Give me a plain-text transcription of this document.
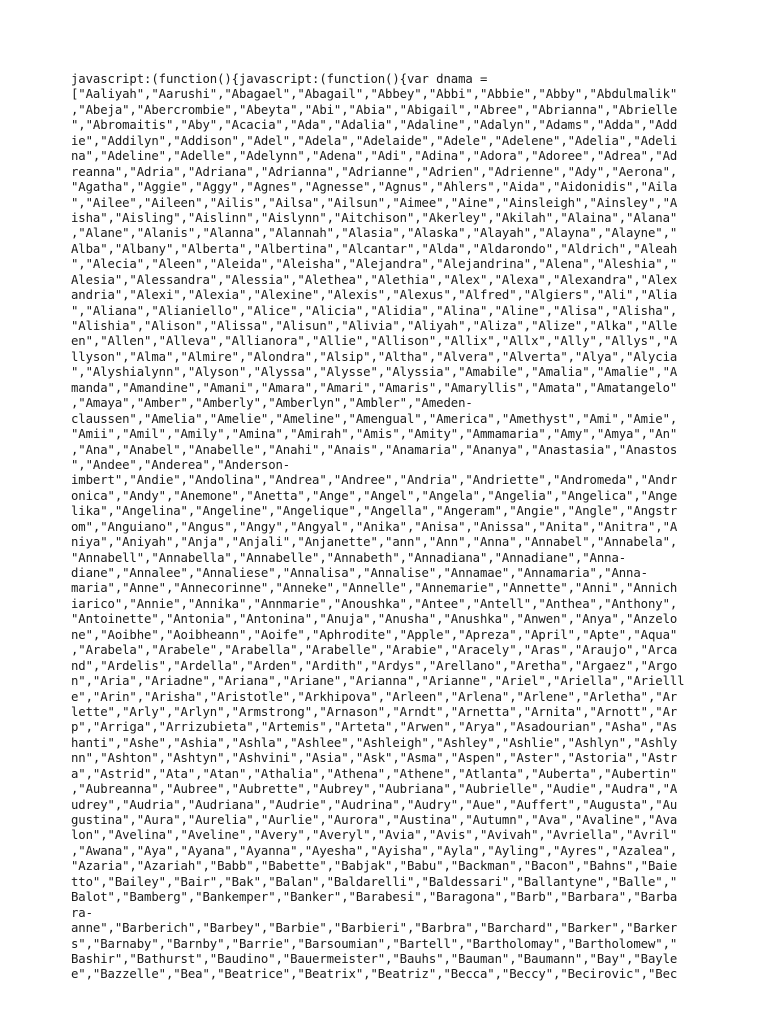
javascript:(function(){javascript:(function(){var dnama =
["Aaliyah","Aarushi","Abagael","Abagail","Abbey","Abbi","Abbie","Abby","Abdulmalik"
,"Abeja","Abercrombie","Abeyta","Abi","Abia","Abigail","Abree","Abrianna","Abrielle
","Abromaitis","Aby","Acacia","Ada","Adalia","Adaline","Adalyn","Adams","Adda","Add
ie","Addilyn","Addison","Adel","Adela","Adelaide","Adele","Adelene","Adelia","Adeli
na","Adeline","Adelle","Adelynn","Adena","Adi","Adina","Adora","Adoree","Adrea","Ad
reanna","Adria","Adriana","Adrianna","Adrianne","Adrien","Adrienne","Ady","Aerona",
"Agatha","Aggie","Aggy","Agnes","Agnesse","Agnus","Ahlers","Aida","Aidonidis","Aila
","Ailee","Aileen","Ailis","Ailsa","Ailsun","Aimee","Aine","Ainsleigh","Ainsley","A
isha","Aisling","Aislinn","Aislynn","Aitchison","Akerley","Akilah","Alaina","Alana"
,"Alane","Alanis","Alanna","Alannah","Alasia","Alaska","Alayah","Alayna","Alayne","
Alba","Albany","Alberta","Albertina","Alcantar","Alda","Aldarondo","Aldrich","Aleah
","Alecia","Aleen","Aleida","Aleisha","Alejandra","Alejandrina","Alena","Aleshia","
Alesia","Alessandra","Alessia","Alethea","Alethia","Alex","Alexa","Alexandra","Alex
andria","Alexi","Alexia","Alexine","Alexis","Alexus","Alfred","Algiers","Ali","Alia
","Aliana","Alianiello","Alice","Alicia","Alidia","Alina","Aline","Alisa","Alisha",
"Alishia","Alison","Alissa","Alisun","Alivia","Aliyah","Aliza","Alize","Alka","Alle
en","Allen","Alleva","Allianora","Allie","Allison","Allix","Allx","Ally","Allys","A
llyson","Alma","Almire","Alondra","Alsip","Altha","Alvera","Alverta","Alya","Alycia
","Alyshialynn","Alyson","Alyssa","Alysse","Alyssia","Amabile","Amalia","Amalie","A
manda","Amandine","Amani","Amara","Amari","Amaris","Amaryllis","Amata","Amatangelo"
,"Amaya","Amber","Amberly","Amberlyn","Ambler","Ameden-
claussen","Amelia","Amelie","Ameline","Amengual","America","Amethyst","Ami","Amie",
"Amii","Amil","Amily","Amina","Amirah","Amis","Amity","Ammamaria","Amy","Amya","An"
,"Ana","Anabel","Anabelle","Anahi","Anais","Anamaria","Ananya","Anastasia","Anastos
","Andee","Anderea","Anderson-
imbert","Andie","Andolina","Andrea","Andree","Andria","Andriette","Andromeda","Andr
onica","Andy","Anemone","Anetta","Ange","Angel","Angela","Angelia","Angelica","Ange
lika","Angelina","Angeline","Angelique","Angella","Angeram","Angie","Angle","Angstr
om","Anguiano","Angus","Angy","Angyal","Anika","Anisa","Anissa","Anita","Anitra","A
niya","Aniyah","Anja","Anjali","Anjanette","ann","Ann","Anna","Annabel","Annabela",
"Annabell","Annabella","Annabelle","Annabeth","Annadiana","Annadiane","Anna-
diane","Annalee","Annaliese","Annalisa","Annalise","Annamae","Annamaria","Anna-
maria","Anne","Annecorinne","Anneke","Annelle","Annemarie","Annette","Anni","Annich
iarico","Annie","Annika","Annmarie","Anoushka","Antee","Antell","Anthea","Anthony",
"Antoinette","Antonia","Antonina","Anuja","Anusha","Anushka","Anwen","Anya","Anzelo
ne","Aoibhe","Aoibheann","Aoife","Aphrodite","Apple","Apreza","April","Apte","Aqua"
,"Arabela","Arabele","Arabella","Arabelle","Arabie","Aracely","Aras","Araujo","Arca
nd","Ardelis","Ardella","Arden","Ardith","Ardys","Arellano","Aretha","Argaez","Argo
n","Aria","Ariadne","Ariana","Ariane","Arianna","Arianne","Ariel","Ariella","Arielll
e","Arin","Arisha","Aristotle","Arkhipova","Arleen","Arlena","Arlene","Arletha","Ar
lette","Arly","Arlyn","Armstrong","Arnason","Arndt","Arnetta","Arnita","Arnott","Ar
p","Arriga","Arrizubieta","Artemis","Arteta","Arwen","Arya","Asadourian","Asha","As
hanti","Ashe","Ashia","Ashla","Ashlee","Ashleigh","Ashley","Ashlie","Ashlyn","Ashly
nn","Ashton","Ashtyn","Ashvini","Asia","Ask","Asma","Aspen","Aster","Astoria","Astr
a","Astrid","Ata","Atan","Athalia","Athena","Athene","Atlanta","Auberta","Aubertin"
,"Aubreanna","Aubree","Aubrette","Aubrey","Aubriana","Aubrielle","Audie","Audra","A
udrey","Audria","Audriana","Audrie","Audrina","Audry","Aue","Auffert","Augusta","Au
gustina","Aura","Aurelia","Aurlie","Aurora","Austina","Autumn","Ava","Avaline","Ava
lon","Avelina","Aveline","Avery","Averyl","Avia","Avis","Avivah","Avriella","Avril"
,"Awana","Aya","Ayana","Ayanna","Ayesha","Ayisha","Ayla","Ayling","Ayres","Azalea",
"Azaria","Azariah","Babb","Babette","Babjak","Babu","Backman","Bacon","Bahns","Baie
tto","Bailey","Bair","Bak","Balan","Baldarelli","Baldessari","Ballantyne","Balle","
Balot","Bamberg","Bankemper","Banker","Barabesi","Baragona","Barb","Barbara","Barba
ra-
anne","Barberich","Barbey","Barbie","Barbieri","Barbra","Barchard","Barker","Barker
s","Barnaby","Barnby","Barrie","Barsoumian","Bartell","Bartholomay","Bartholomew","
Bashir","Bathurst","Baudino","Bauermeister","Bauhs","Bauman","Baumann","Bay","Bayle
e","Bazzelle","Bea","Beatrice","Beatrix","Beatriz","Becca","Beccy","Becirovic","Bec
